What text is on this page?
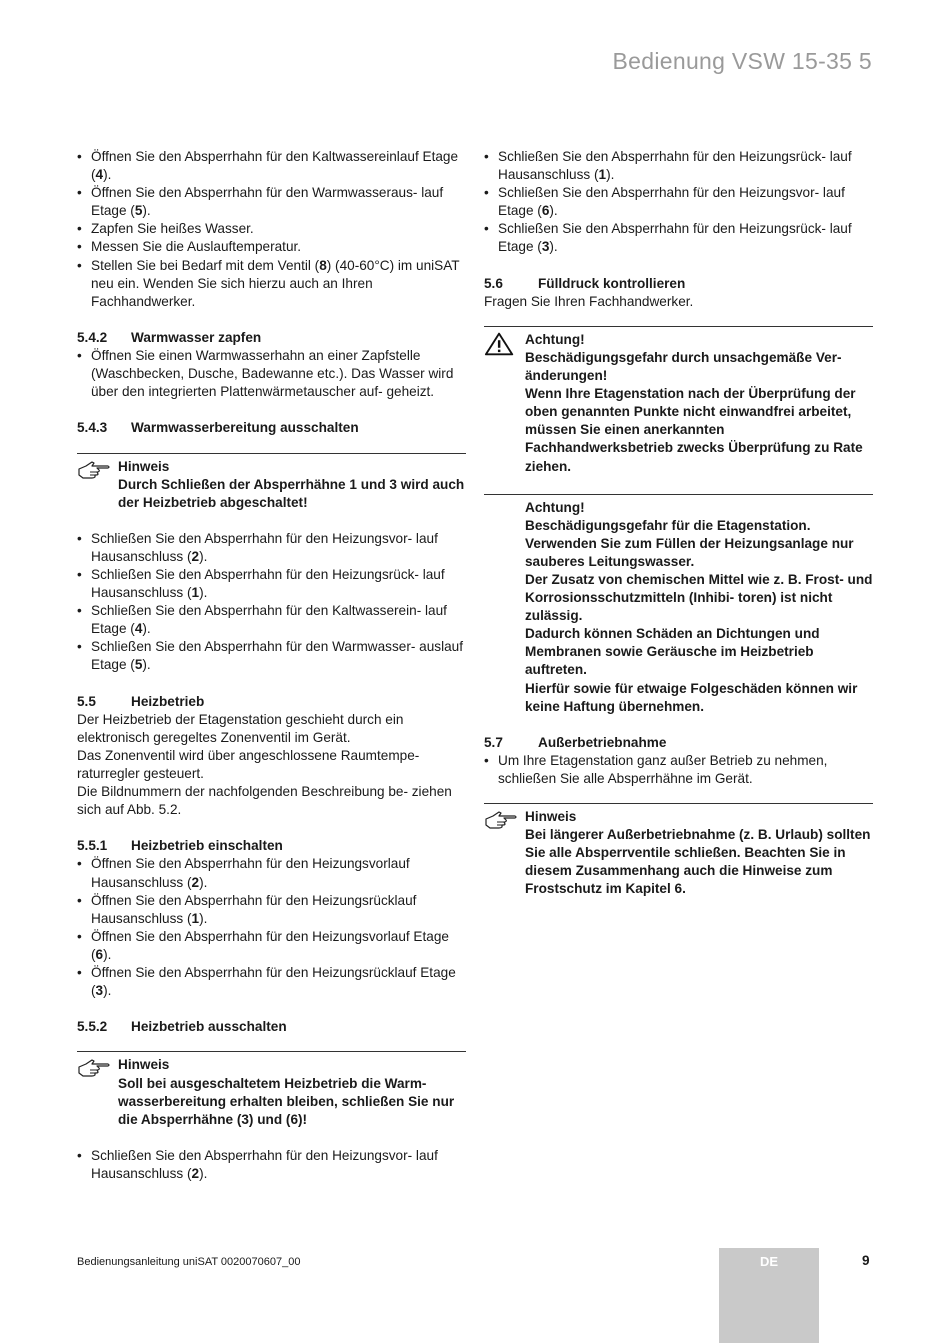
Bedienung VSW 15-35 5
• Öffnen Sie den Absperrhahn für den Kaltwassereinlauf Etage (4).
• Öffnen Sie den Absperrhahn für den Warmwasseraus- lauf Etage (5).
• Zapfen Sie heißes Wasser.
• Messen Sie die Auslauftemperatur.
• Stellen Sie bei Bedarf mit dem Ventil (8) (40-60°C) im uniSAT neu ein. Wenden Sie sich hierzu auch an Ihren Fachhandwerker.
5.4.2	Warmwasser zapfen
• Öffnen Sie einen Warmwasserhahn an einer Zapfstelle (Waschbecken, Dusche, Badewanne etc.). Das Wasser wird über den integrierten Plattenwärmetauscher auf- geheizt.
5.4.3	Warmwasserbereitung ausschalten

Hinweis

Durch Schließen der Absperrhähne 1 und 3 wird auch der Heizbetrieb abgeschaltet!

• Schließen Sie den Absperrhahn für den Heizungsvor- lauf Hausanschluss (2).
• Schließen Sie den Absperrhahn für den Heizungsrück- lauf Hausanschluss (1).
• Schließen Sie den Absperrhahn für den Kaltwasserein- lauf Etage (4).
• Schließen Sie den Absperrhahn für den Warmwasser- auslauf Etage (5).
5.5	Heizbetrieb
Der Heizbetrieb der Etagenstation geschieht durch ein elektronisch geregeltes Zonenventil im Gerät.
Das Zonenventil wird über angeschlossene Raumtempe- raturregler gesteuert.
Die Bildnummern der nachfolgenden Beschreibung be- ziehen sich auf Abb. 5.2.
5.5.1	Heizbetrieb einschalten
• Öffnen Sie den Absperrhahn für den Heizungsvorlauf Hausanschluss (2).
• Öffnen Sie den Absperrhahn für den Heizungsrücklauf Hausanschluss (1).
• Öffnen Sie den Absperrhahn für den Heizungsvorlauf Etage (6).
• Öffnen Sie den Absperrhahn für den Heizungsrücklauf Etage (3).
5.5.2	Heizbetrieb ausschalten

Hinweis

Soll bei ausgeschaltetem Heizbetrieb die Warm- wasserbereitung erhalten bleiben, schließen Sie nur die Absperrhähne (3) und (6)!

• Schließen Sie den Absperrhahn für den Heizungsvor- lauf Hausanschluss (2).
• Schließen Sie den Absperrhahn für den Heizungsrück- lauf Hausanschluss (1).
• Schließen Sie den Absperrhahn für den Heizungsvor- lauf Etage (6).
• Schließen Sie den Absperrhahn für den Heizungsrück- lauf Etage (3).
5.6	Fülldruck kontrollieren
Fragen Sie Ihren Fachhandwerker.

Achtung!

Beschädigungsgefahr durch unsachgemäße Ver- änderungen!

Wenn Ihre Etagenstation nach der Überprüfung der oben genannten Punkte nicht einwandfrei arbeitet, müssen Sie einen anerkannten Fachhandwerksbetrieb zwecks Überprüfung zu Rate ziehen.

Achtung!

Beschädigungsgefahr für die Etagenstation.

Verwenden Sie zum Füllen der Heizungsanlage nur sauberes Leitungswasser.

Der Zusatz von chemischen Mittel wie z. B. Frost- und Korrosionsschutzmitteln (Inhibi- toren) ist nicht zulässig.

Dadurch können Schäden an Dichtungen und Membranen sowie Geräusche im Heizbetrieb auftreten.

Hierfür sowie für etwaige Folgeschäden können wir keine Haftung übernehmen.

5.7	Außerbetriebnahme
• Um Ihre Etagenstation ganz außer Betrieb zu nehmen, schließen Sie alle Absperrhähne im Gerät.

Hinweis

Bei längerer Außerbetriebnahme (z. B. Urlaub) sollten Sie alle Absperrventile schließen. Beachten Sie in diesem Zusammenhang auch die Hinweise zum Frostschutz im Kapitel 6.

Bedienungsanleitung uniSAT 0020070607_00	DE	9
